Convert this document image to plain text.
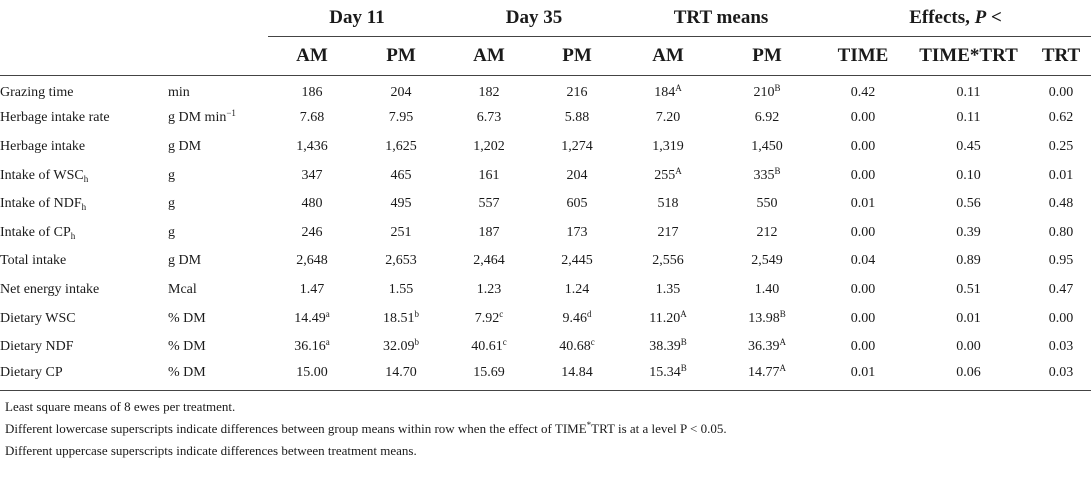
		Day 11		Day 35		TRT means		Effects, P <		
		AM	PM	AM	PM	AM	PM	TIME	TIME*TRT	TRT
Grazing time	min	186	204	182	216	$184^A$	$210^B$	0.42	0.11	0.00
Herbage intake rate	g DM $\min^{-1}$	7.68	7.95	6.73	5.88	7.20	6.92	0.00	0.11	0.62
Herbage intake	g DM	1,436	1,625	1,202	1,274	1,319	1,450	0.00	0.45	0.25
Intake of $WSC_h$	g	347	465	161	204	$255^A$	$335^B$	0.00	0.10	0.01
Intake of $NDF_h$	g	480	495	557	605	518	550	0.01	0.56	0.48
Intake of $CP_h$	g	246	251	187	173	217	212	0.00	0.39	0.80
Total intake	g DM	2,648	2,653	2,464	2,445	2,556	2,549	0.04	0.89	0.95
Net energy intake	Mcal	1.47	1.55	1.23	1.24	1.35	1.40	0.00	0.51	0.47
Dietary WSC	% DM	14.49$^a$	18.51$^b$	7.92$^c$	9.46$^d$	$11.20^A$	$13.98^B$	0.00	0.01	0.00
Dietary NDF	% DM	36.16$^a$	32.09$^b$	40.61$^c$	40.68$^c$	$38.39^B$	$36.39^A$	0.00	0.00	0.03
Dietary CP	% DM	15.00	14.70	15.69	14.84	$15.34^B$	$14.77^A$	0.01	0.06	0.03
Least square means of 8 ewes per treatment.
Different lowercase superscripts indicate differences between group means within row when the effect of TIME*TRT is at a level P < 0.05.
Different uppercase superscripts indicate differences between treatment means.
